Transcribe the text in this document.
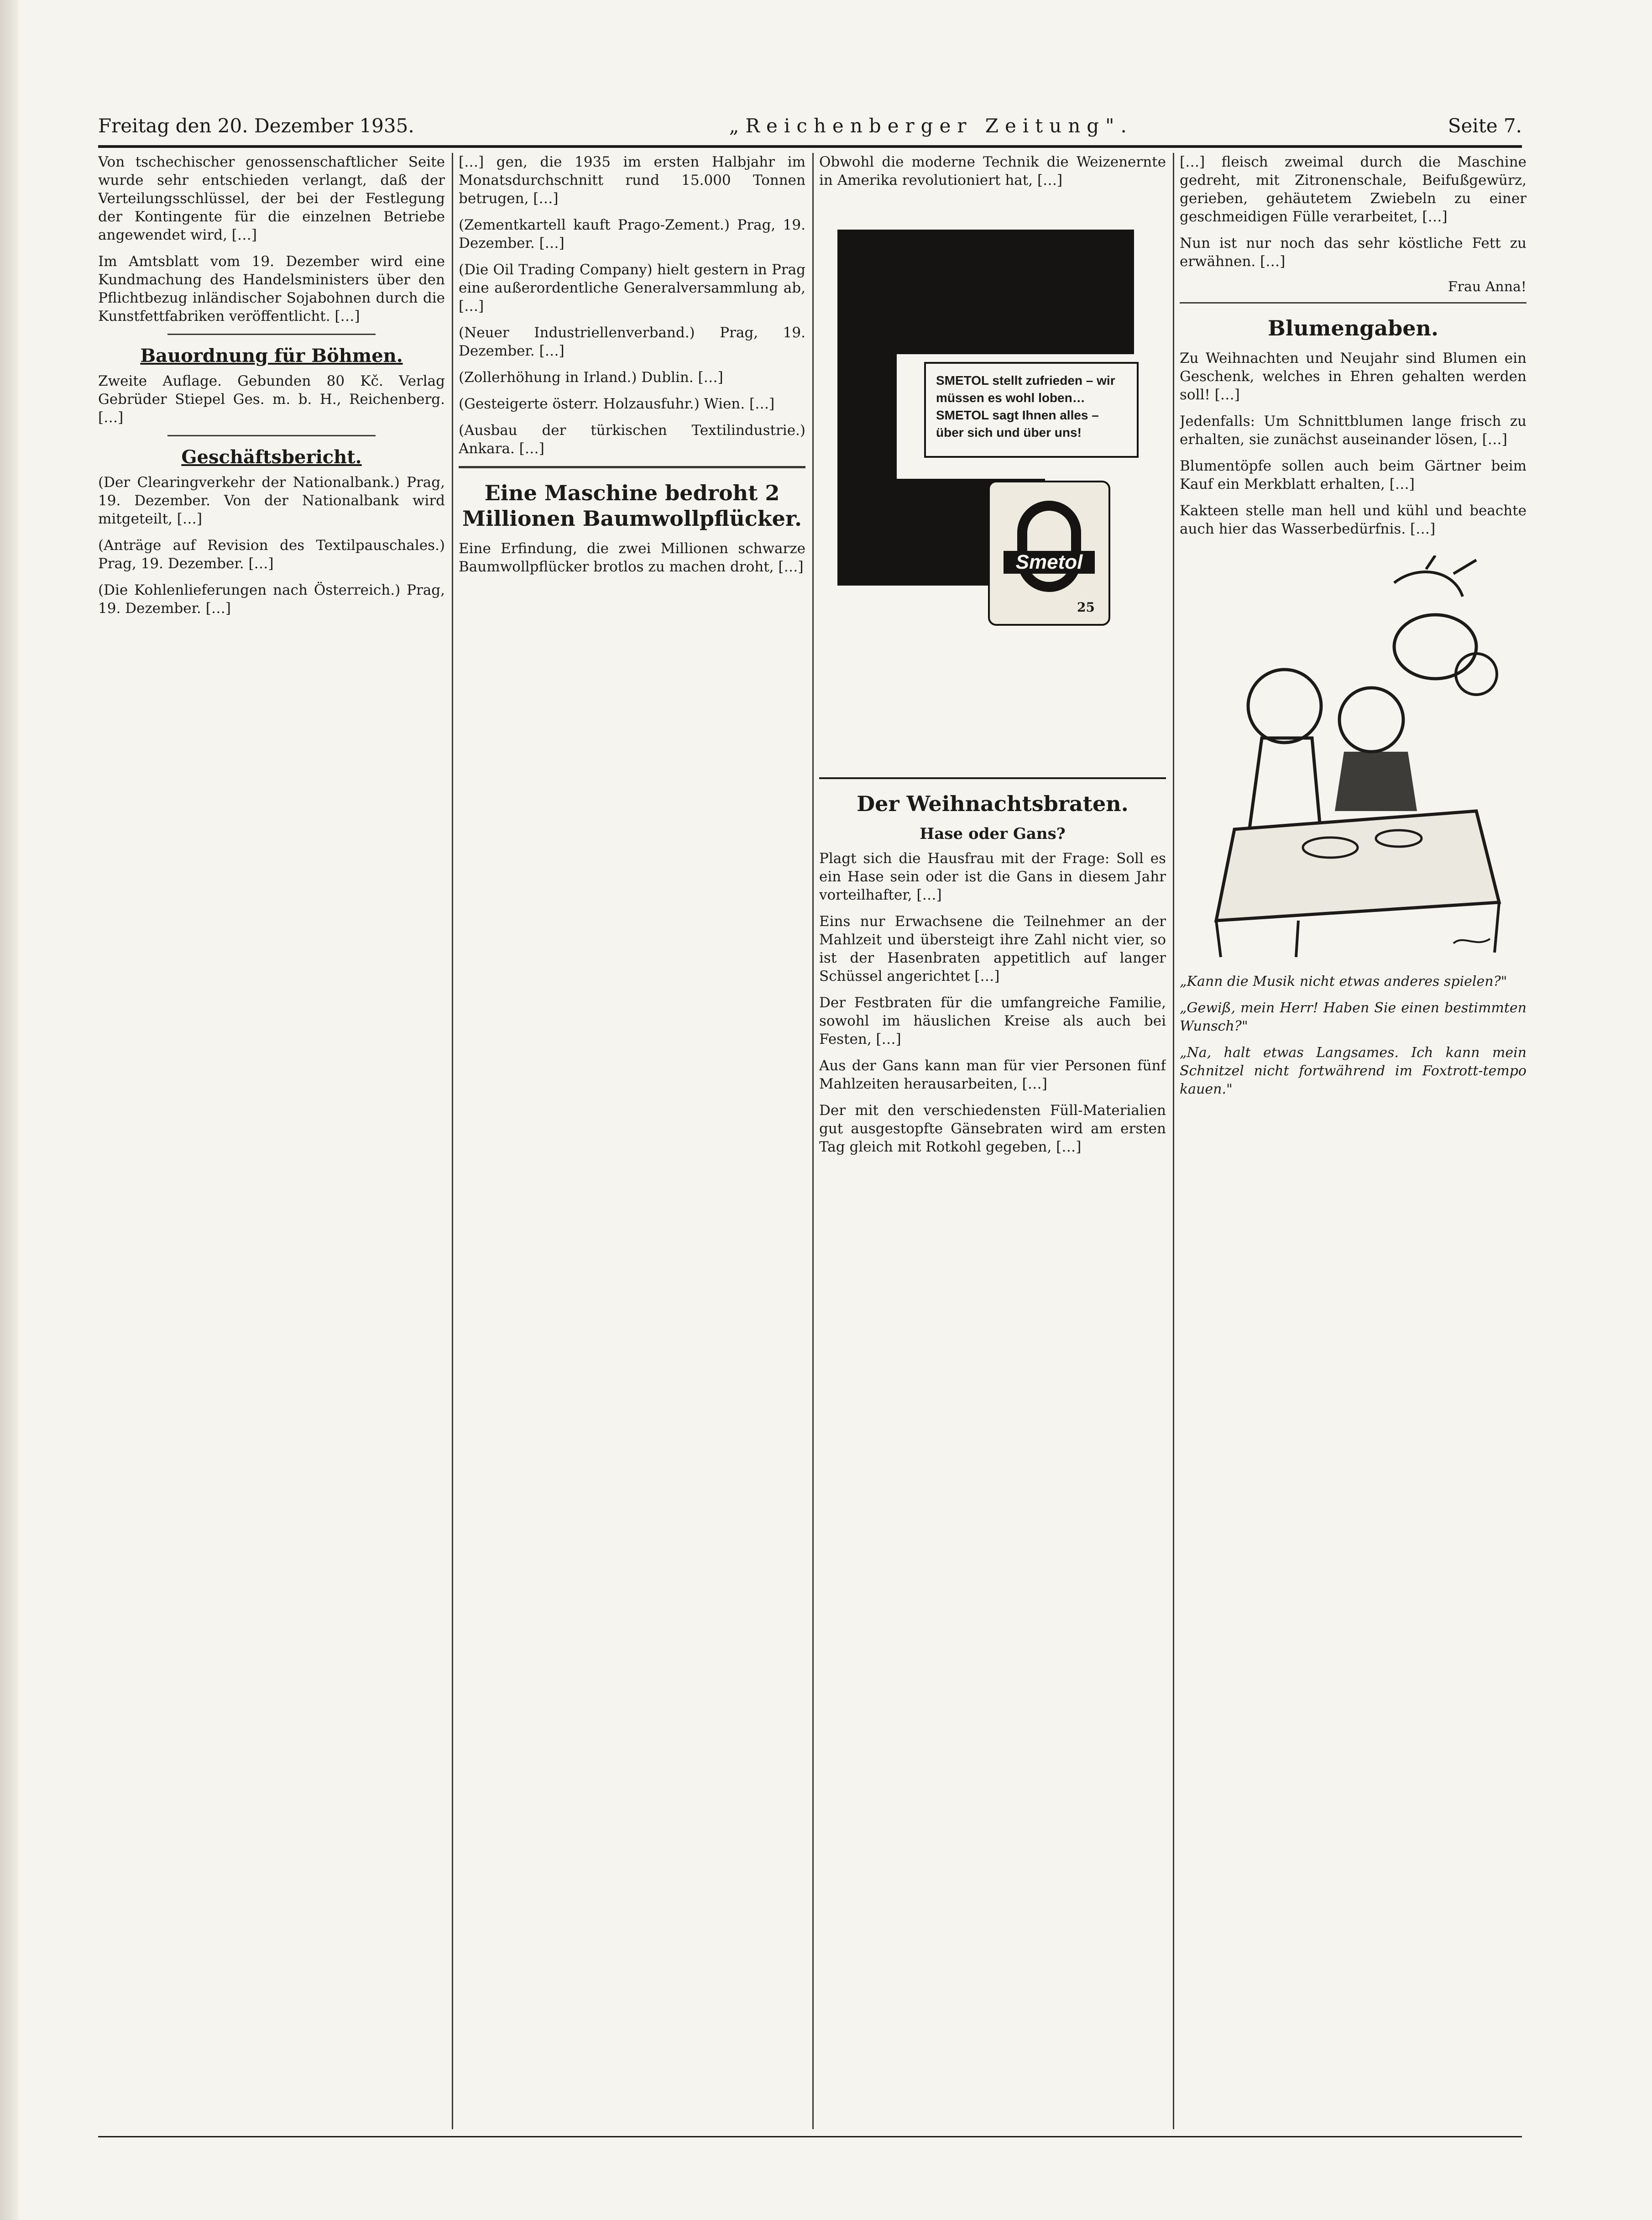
Freitag den 20. Dezember 1935.	„Reichenberger Zeitung".	Seite 7.

Von tschechischer genossenschaftlicher Seite wurde sehr entschieden verlangt, daß der Verteilungsschlüssel, der bei der Festlegung der Kontingente für die einzelnen Betriebe angewendet wird, […]

Im Amtsblatt vom 19. Dezember wird eine Kundmachung des Handelsministers über den Pflichtbezug inländischer Sojabohnen durch die Kunstfettfabriken veröffentlicht. […]

Bauordnung für Böhmen.

Zweite Auflage. Gebunden 80 Kč. Verlag Gebrüder Stiepel Ges. m. b. H., Reichenberg. […]

Geschäftsbericht.

(Der Clearingverkehr der Nationalbank.) Prag, 19. Dezember. Von der Nationalbank wird mitgeteilt, […]

(Anträge auf Revision des Textilpauschales.) Prag, 19. Dezember. […]

(Die Kohlenlieferungen nach Österreich.) Prag, 19. Dezember. […]

[…] gen, die 1935 im ersten Halbjahr im Monatsdurchschnitt rund 15.000 Tonnen betrugen, […]

(Zementkartell kauft Prago-Zement.) Prag, 19. Dezember. […]

(Die Oil Trading Company) hielt gestern in Prag eine außerordentliche Generalversammlung ab, […]

(Neuer Industriellenverband.) Prag, 19. Dezember. […]

(Zollerhöhung in Irland.) Dublin. […]

(Gesteigerte österr. Holzausfuhr.) Wien. […]

(Ausbau der türkischen Textilindustrie.) Ankara. […]

Eine Maschine bedroht 2 Millionen Baumwollpflücker.

Eine Erfindung, die zwei Millionen schwarze Baumwollpflücker brotlos zu machen droht, […]

Obwohl die moderne Technik die Weizenernte in Amerika revolutioniert hat, […]

SMETOL stellt zufrieden – wir müssen es wohl loben…
SMETOL sagt Ihnen alles – über sich und über uns!
Smetol
25
Der Weihnachtsbraten.
Hase oder Gans?

Plagt sich die Hausfrau mit der Frage: Soll es ein Hase sein oder ist die Gans in diesem Jahr vorteilhafter, […]

Eins nur Erwachsene die Teilnehmer an der Mahlzeit und übersteigt ihre Zahl nicht vier, so ist der Hasenbraten appetitlich auf langer Schüssel angerichtet […]

Der Festbraten für die umfangreiche Familie, sowohl im häuslichen Kreise als auch bei Festen, […]

Aus der Gans kann man für vier Personen fünf Mahlzeiten herausarbeiten, […]

Der mit den verschiedensten Füll-Materialien gut ausgestopfte Gänsebraten wird am ersten Tag gleich mit Rotkohl gegeben, […]

[…] fleisch zweimal durch die Maschine gedreht, mit Zitronenschale, Beifußgewürz, gerieben, gehäutetem Zwiebeln zu einer geschmeidigen Fülle verarbeitet, […]

Nun ist nur noch das sehr köstliche Fett zu erwähnen. […]

Frau Anna!
Blumengaben.

Zu Weihnachten und Neujahr sind Blumen ein Geschenk, welches in Ehren gehalten werden soll! […]

Jedenfalls: Um Schnittblumen lange frisch zu erhalten, sie zunächst auseinander lösen, […]

Blumentöpfe sollen auch beim Gärtner beim Kauf ein Merkblatt erhalten, […]

Kakteen stelle man hell und kühl und beachte auch hier das Wasserbedürfnis. […]

„Kann die Musik nicht etwas anderes spielen?"

„Gewiß, mein Herr! Haben Sie einen bestimmten Wunsch?"

„Na, halt etwas Langsames. Ich kann mein Schnitzel nicht fortwährend im Foxtrott-tempo kauen."
